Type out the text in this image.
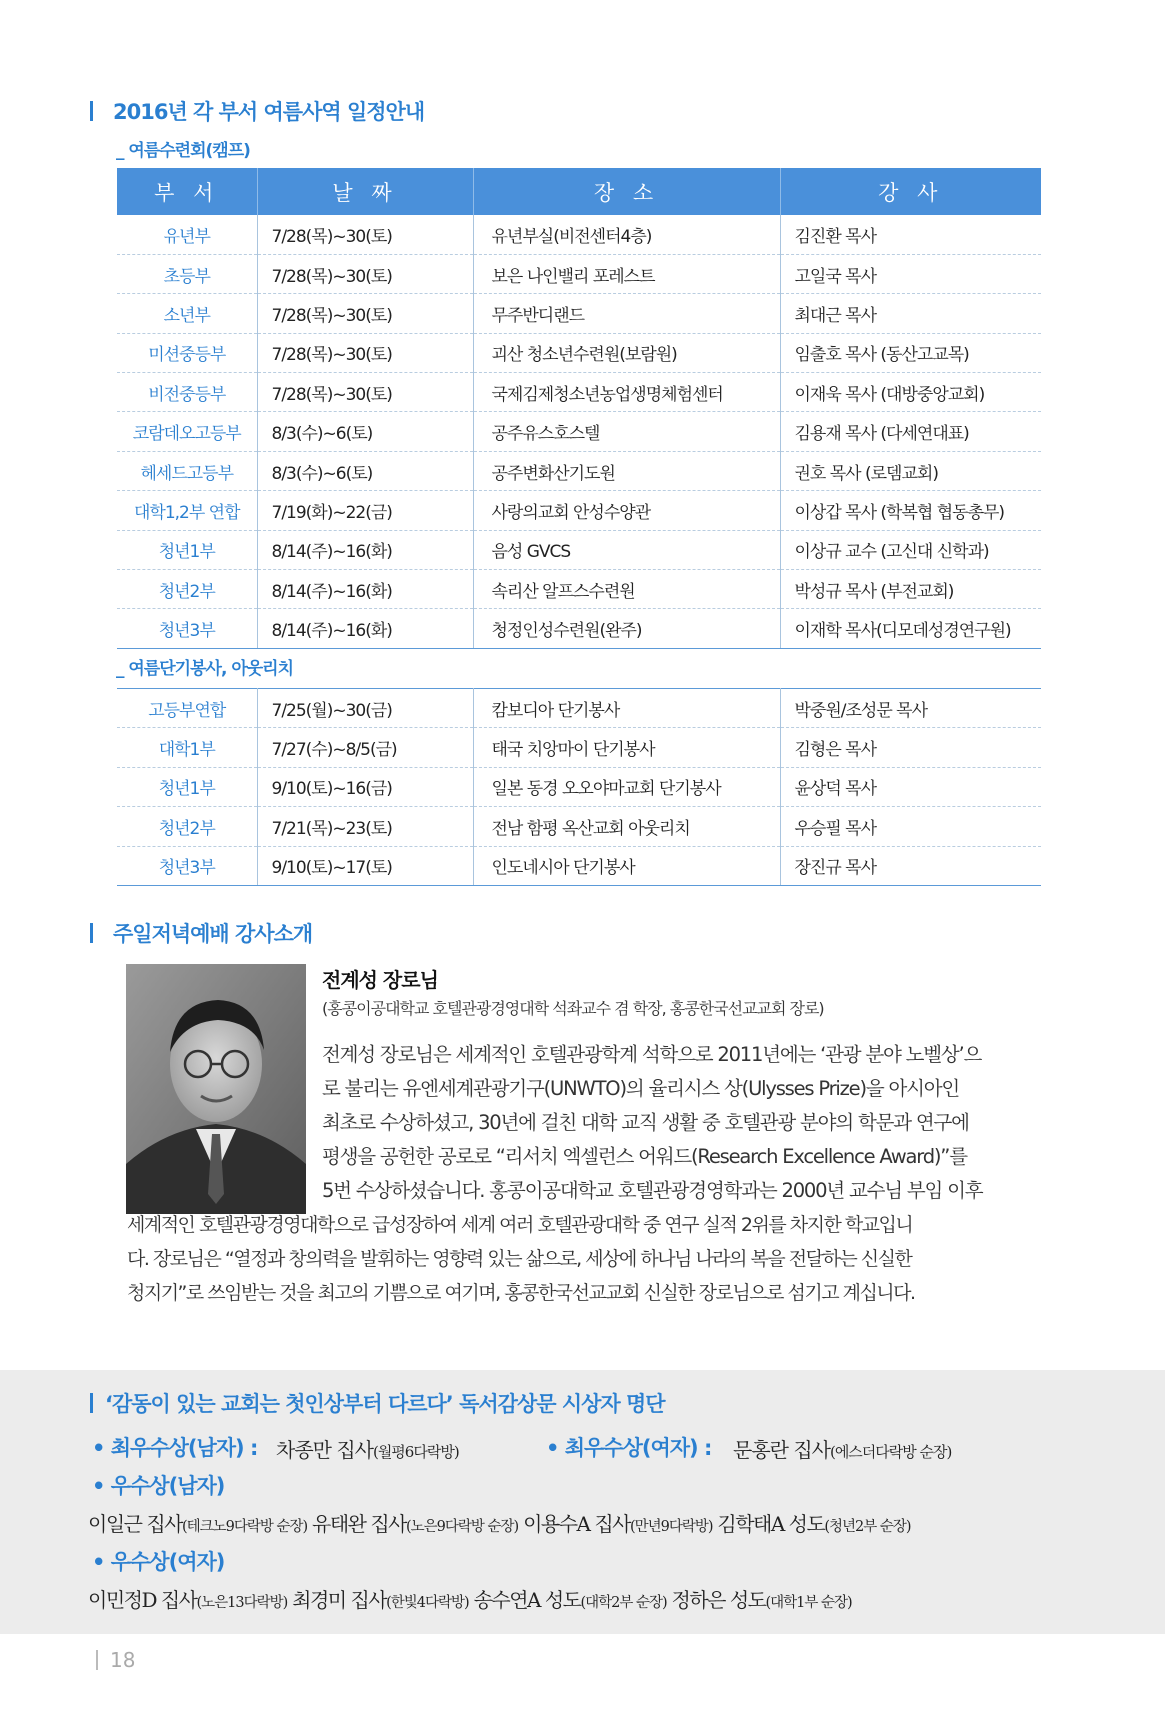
2016년 각 부서 여름사역 일정안내
_ 여름수련회(캠프)
부 서	날 짜	장 소	강 사
유년부	7/28(목)~30(토)	유년부실(비전센터4층)	김진환 목사
초등부	7/28(목)~30(토)	보은 나인밸리 포레스트	고일국 목사
소년부	7/28(목)~30(토)	무주반디랜드	최대근 목사
미션중등부	7/28(목)~30(토)	괴산 청소년수련원(보람원)	임출호 목사 (동산고교목)
비전중등부	7/28(목)~30(토)	국제김제청소년농업생명체험센터	이재욱 목사 (대방중앙교회)
코람데오고등부	8/3(수)~6(토)	공주유스호스텔	김용재 목사 (다세연대표)
헤세드고등부	8/3(수)~6(토)	공주변화산기도원	권호 목사 (로뎀교회)
대학1,2부 연합	7/19(화)~22(금)	사랑의교회 안성수양관	이상갑 목사 (학복협 협동총무)
청년1부	8/14(주)~16(화)	음성 GVCS	이상규 교수 (고신대 신학과)
청년2부	8/14(주)~16(화)	속리산 알프스수련원	박성규 목사 (부전교회)
청년3부	8/14(주)~16(화)	청정인성수련원(완주)	이재학 목사(디모데성경연구원)
_ 여름단기봉사, 아웃리치
고등부연합	7/25(월)~30(금)	캄보디아 단기봉사	박중원/조성문 목사
대학1부	7/27(수)~8/5(금)	태국 치앙마이 단기봉사	김형은 목사
청년1부	9/10(토)~16(금)	일본 동경 오오야마교회 단기봉사	윤상덕 목사
청년2부	7/21(목)~23(토)	전남 함평 옥산교회 아웃리치	우승필 목사
청년3부	9/10(토)~17(토)	인도네시아 단기봉사	장진규 목사
주일저녁예배 강사소개
전계성 장로님
(홍콩이공대학교 호텔관광경영대학 석좌교수 겸 학장, 홍콩한국선교교회 장로)
전계성 장로님은 세계적인 호텔관광학계 석학으로 2011년에는 ‘관광 분야 노벨상’으
로 불리는 유엔세계관광기구(UNWTO)의 율리시스 상(Ulysses Prize)을 아시아인
최초로 수상하셨고, 30년에 걸친 대학 교직 생활 중 호텔관광 분야의 학문과 연구에
평생을 공헌한 공로로 “리서치 엑셀런스 어워드(Research Excellence Award)”를
5번 수상하셨습니다. 홍콩이공대학교 호텔관광경영학과는 2000년 교수님 부임 이후
세계적인 호텔관광경영대학으로 급성장하여 세계 여러 호텔관광대학 중 연구 실적 2위를 차지한 학교입니
다. 장로님은 “열정과 창의력을 발휘하는 영향력 있는 삶으로, 세상에 하나님 나라의 복을 전달하는 신실한
청지기”로 쓰임받는 것을 최고의 기쁨으로 여기며, 홍콩한국선교교회 신실한 장로님으로 섬기고 계십니다.
‘감동이 있는 교회는 첫인상부터 다르다’ 독서감상문 시상자 명단
• 최우수상(남자) : 차종만 집사(월평6다락방)	• 최우수상(여자) : 문홍란 집사(에스더다락방 순장)
• 우수상(남자)
이일근 집사(테크노9다락방 순장) 유태완 집사(노은9다락방 순장) 이용수A 집사(만년9다락방) 김학태A 성도(청년2부 순장)
• 우수상(여자)
이민정D 집사(노은13다락방) 최경미 집사(한빛4다락방) 송수연A 성도(대학2부 순장) 정하은 성도(대학1부 순장)
18
